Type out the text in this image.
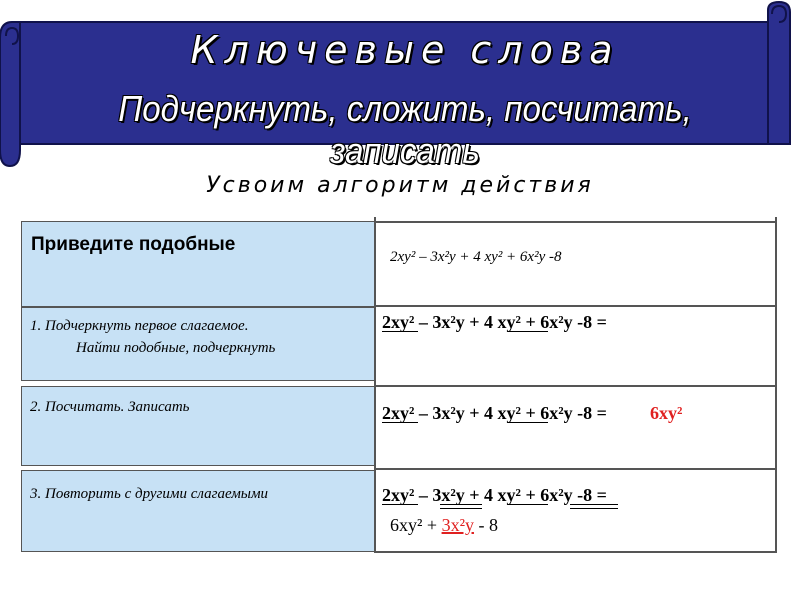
Ключевые слова
Подчеркнуть, сложить, посчитать, записать
Усвоим алгоритм действия
Приведите подобные
1. Подчеркнуть первое слагаемое.
Найти подобные, подчеркнуть
2. Посчитать. Записать
3. Повторить с другими слагаемыми
2xy² – 3x²y + 4 xy² + 6x²y -8
2xy² – 3x²y + 4 xy² + 6x²y -8 =
2xy² – 3x²y + 4 xy² + 6x²y -8 = 6xy²
2xy² – 3x²y + 4 xy² + 6x²y -8 =
6xy² + 3x²y - 8
